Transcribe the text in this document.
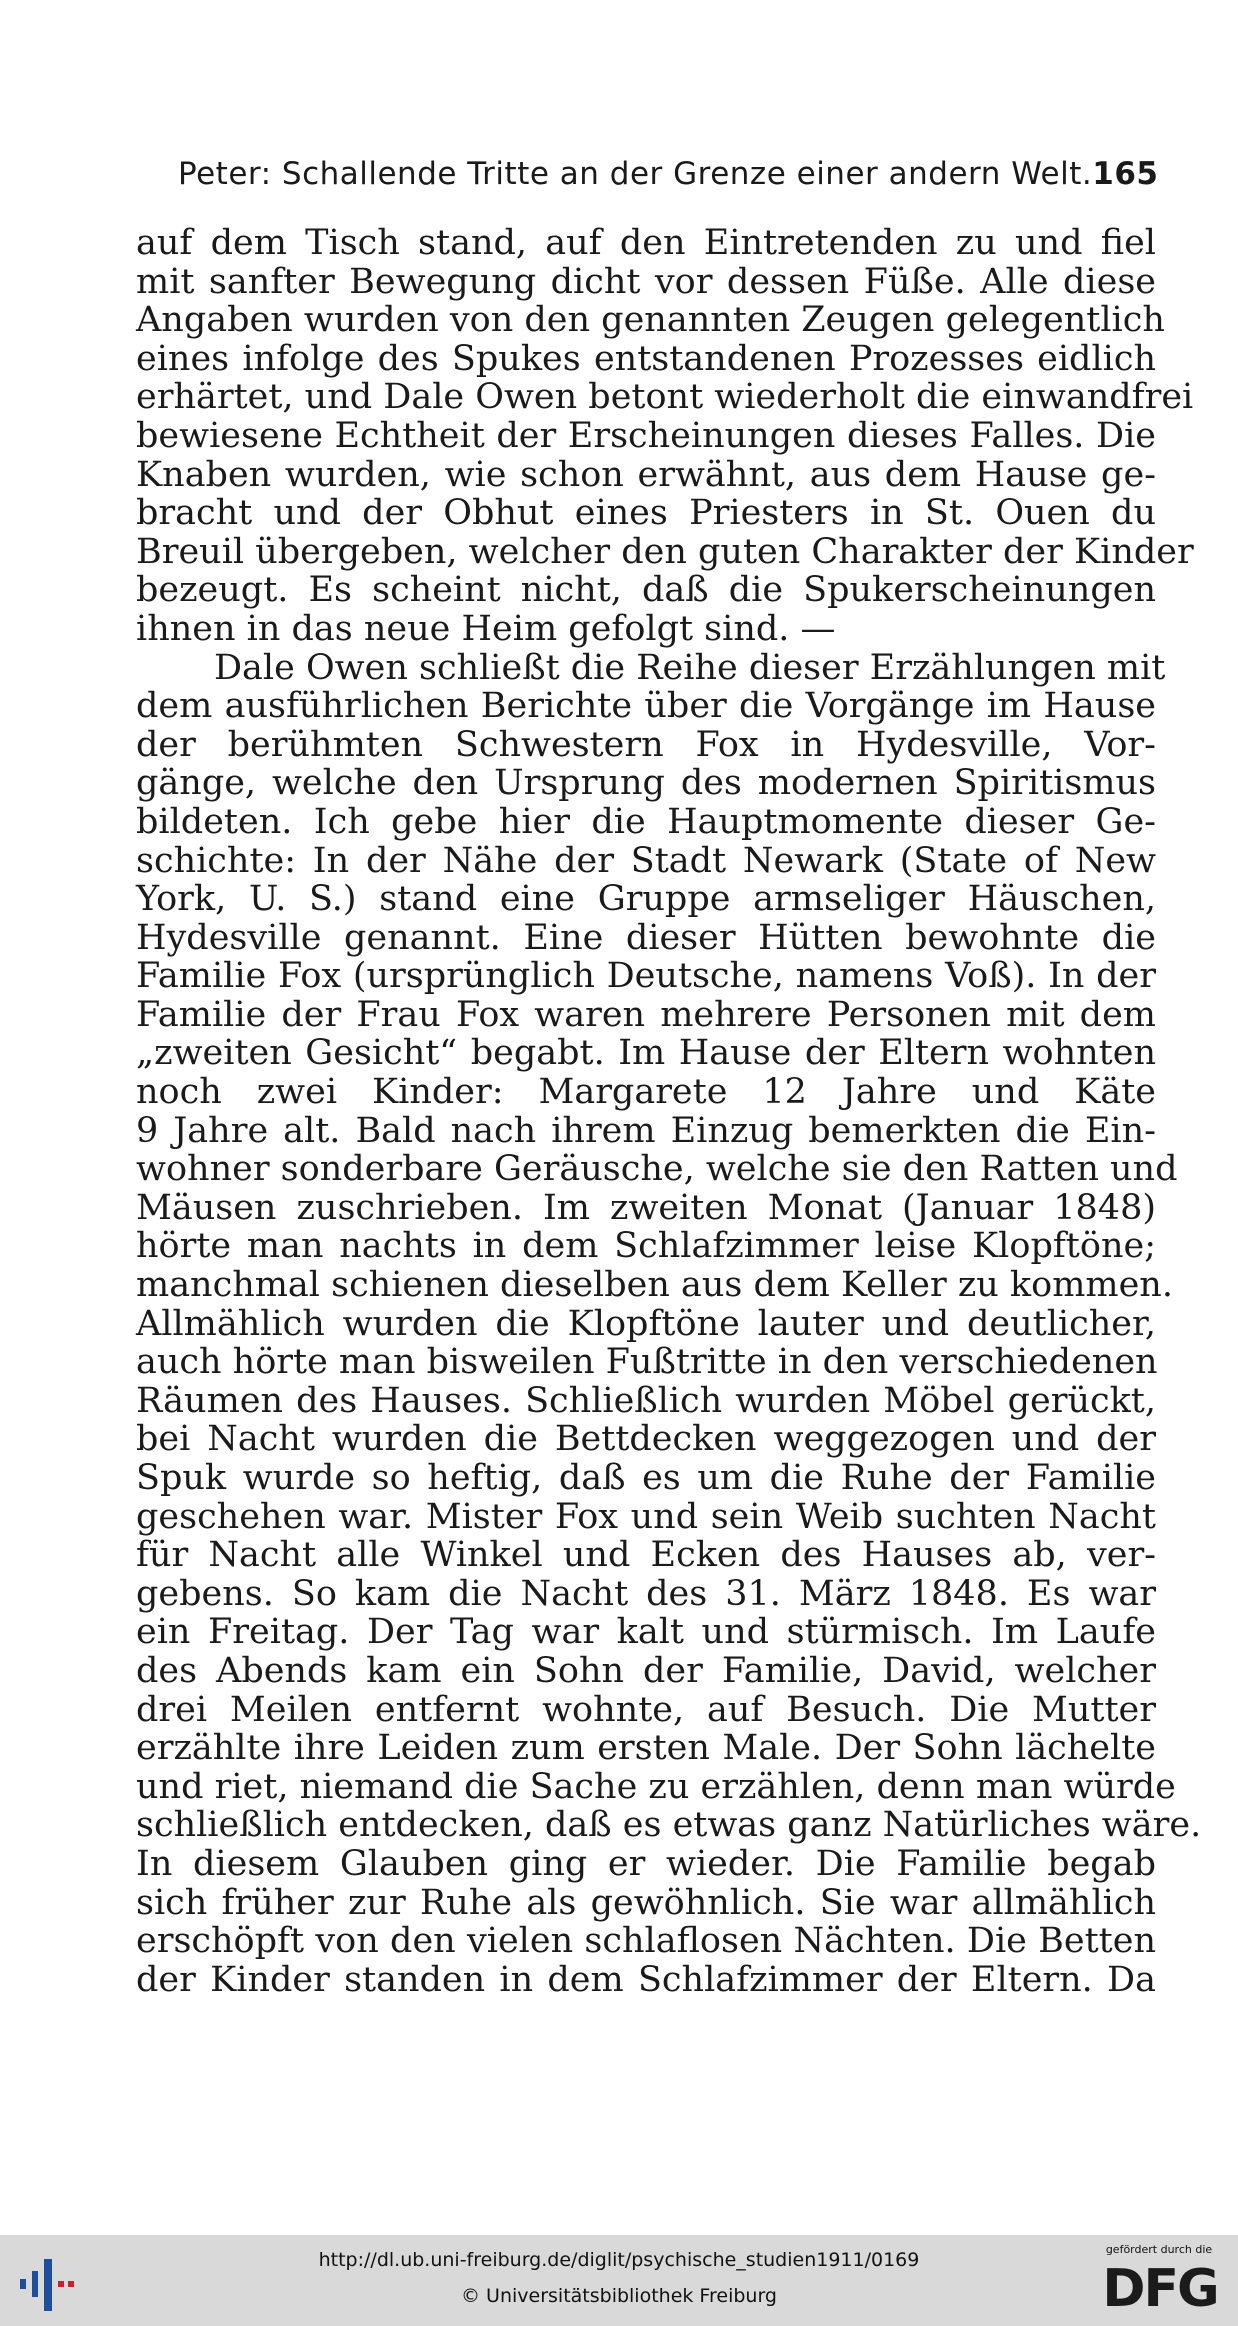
Peter: Schallende Tritte an der Grenze einer andern Welt. 165
auf dem Tisch stand, auf den Eintretenden zu und fiel
mit sanfter Bewegung dicht vor dessen Füße. Alle diese
Angaben wurden von den genannten Zeugen gelegentlich
eines infolge des Spukes entstandenen Prozesses eidlich
erhärtet, und Dale Owen betont wiederholt die einwandfrei
bewiesene Echtheit der Erscheinungen dieses Falles. Die
Knaben wurden, wie schon erwähnt, aus dem Hause ge-
bracht und der Obhut eines Priesters in St. Ouen du
Breuil übergeben, welcher den guten Charakter der Kinder
bezeugt. Es scheint nicht, daß die Spukerscheinungen
ihnen in das neue Heim gefolgt sind. —
Dale Owen schließt die Reihe dieser Erzählungen mit
dem ausführlichen Berichte über die Vorgänge im Hause
der berühmten Schwestern Fox in Hydesville, Vor-
gänge, welche den Ursprung des modernen Spiritismus
bildeten. Ich gebe hier die Hauptmomente dieser Ge-
schichte: In der Nähe der Stadt Newark (State of New
York, U. S.) stand eine Gruppe armseliger Häuschen,
Hydesville genannt. Eine dieser Hütten bewohnte die
Familie Fox (ursprünglich Deutsche, namens Voß). In der
Familie der Frau Fox waren mehrere Personen mit dem
„zweiten Gesicht“ begabt. Im Hause der Eltern wohnten
noch zwei Kinder: Margarete 12 Jahre und Käte
9 Jahre alt. Bald nach ihrem Einzug bemerkten die Ein-
wohner sonderbare Geräusche, welche sie den Ratten und
Mäusen zuschrieben. Im zweiten Monat (Januar 1848)
hörte man nachts in dem Schlafzimmer leise Klopftöne;
manchmal schienen dieselben aus dem Keller zu kommen.
Allmählich wurden die Klopftöne lauter und deutlicher,
auch hörte man bisweilen Fußtritte in den verschiedenen
Räumen des Hauses. Schließlich wurden Möbel gerückt,
bei Nacht wurden die Bettdecken weggezogen und der
Spuk wurde so heftig, daß es um die Ruhe der Familie
geschehen war. Mister Fox und sein Weib suchten Nacht
für Nacht alle Winkel und Ecken des Hauses ab, ver-
gebens. So kam die Nacht des 31. März 1848. Es war
ein Freitag. Der Tag war kalt und stürmisch. Im Laufe
des Abends kam ein Sohn der Familie, David, welcher
drei Meilen entfernt wohnte, auf Besuch. Die Mutter
erzählte ihre Leiden zum ersten Male. Der Sohn lächelte
und riet, niemand die Sache zu erzählen, denn man würde
schließlich entdecken, daß es etwas ganz Natürliches wäre.
In diesem Glauben ging er wieder. Die Familie begab
sich früher zur Ruhe als gewöhnlich. Sie war allmählich
erschöpft von den vielen schlaflosen Nächten. Die Betten
der Kinder standen in dem Schlafzimmer der Eltern. Da
http://dl.ub.uni-freiburg.de/diglit/psychische_studien1911/0169
© Universitätsbibliothek Freiburg
gefördert durch die
DFG
